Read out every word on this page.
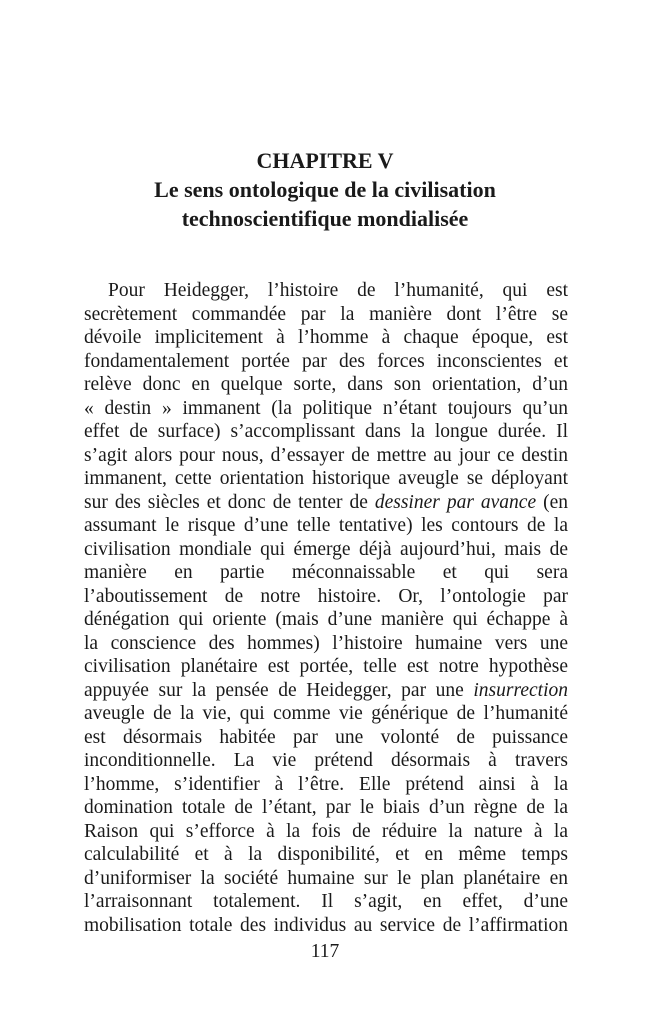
CHAPITRE V
Le sens ontologique de la civilisation
technoscientifique mondialisée
Pour Heidegger, l’histoire de l’humanité, qui est
secrètement commandée par la manière dont l’être se
dévoile implicitement à l’homme à chaque époque, est
fondamentalement portée par des forces inconscientes et
relève donc en quelque sorte, dans son orientation, d’un
« destin » immanent (la politique n’étant toujours qu’un
effet de surface) s’accomplissant dans la longue durée. Il
s’agit alors pour nous, d’essayer de mettre au jour ce destin
immanent, cette orientation historique aveugle se déployant
sur des siècles et donc de tenter de dessiner par avance (en
assumant le risque d’une telle tentative) les contours de la
civilisation mondiale qui émerge déjà aujourd’hui, mais de
manière en partie méconnaissable et qui sera
l’aboutissement de notre histoire. Or, l’ontologie par
dénégation qui oriente (mais d’une manière qui échappe à
la conscience des hommes) l’histoire humaine vers une
civilisation planétaire est portée, telle est notre hypothèse
appuyée sur la pensée de Heidegger, par une insurrection
aveugle de la vie, qui comme vie générique de l’humanité
est désormais habitée par une volonté de puissance
inconditionnelle. La vie prétend désormais à travers
l’homme, s’identifier à l’être. Elle prétend ainsi à la
domination totale de l’étant, par le biais d’un règne de la
Raison qui s’efforce à la fois de réduire la nature à la
calculabilité et à la disponibilité, et en même temps
d’uniformiser la société humaine sur le plan planétaire en
l’arraisonnant totalement. Il s’agit, en effet, d’une
mobilisation totale des individus au service de l’affirmation
117
